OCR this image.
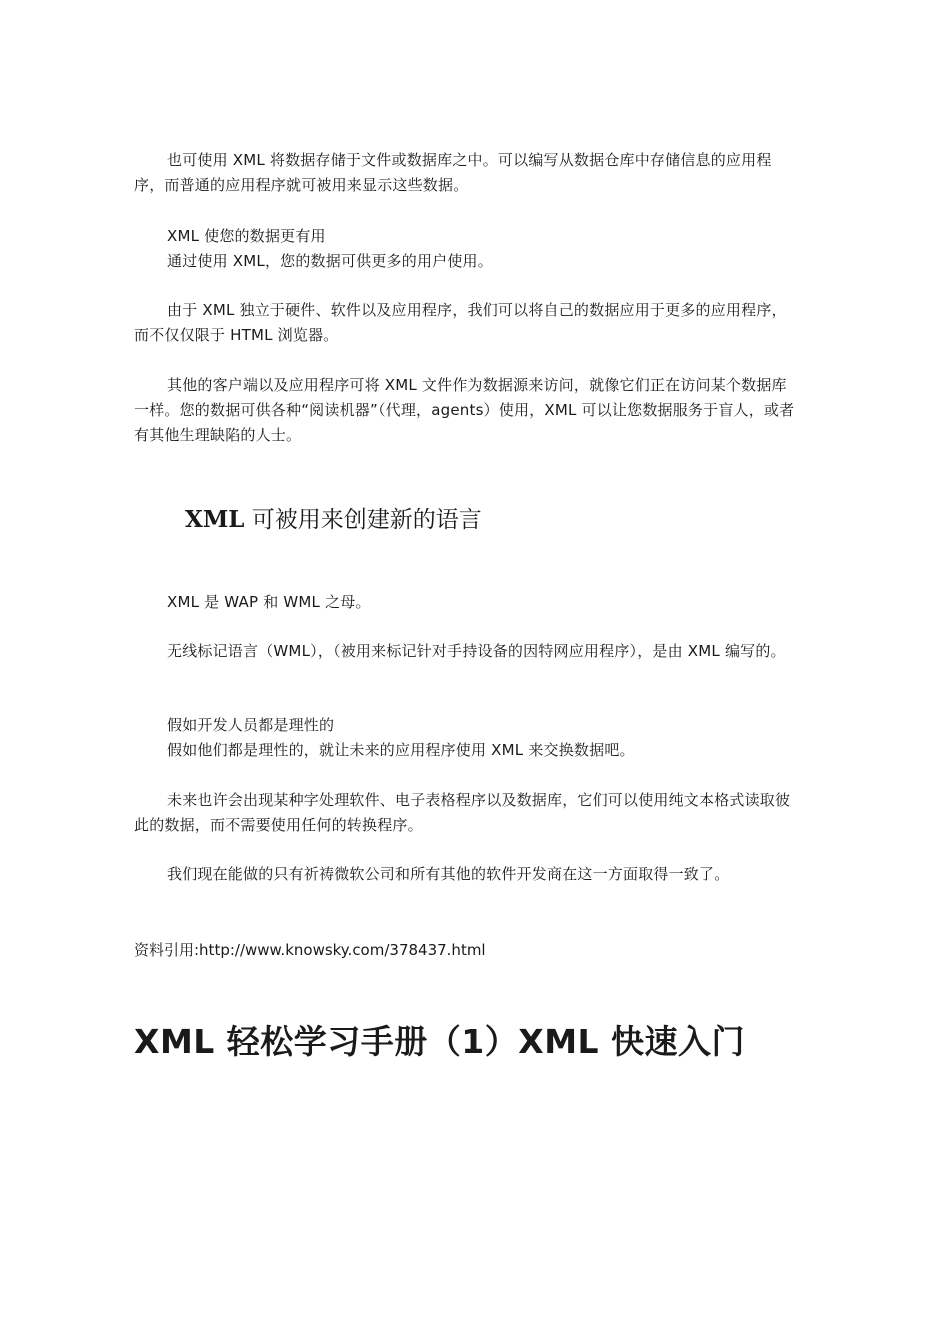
也可使用 XML 将数据存储于文件或数据库之中。可以编写从数据仓库中存储信息的应用程序，而普通的应用程序就可被用来显示这些数据。

XML 使您的数据更有用
通过使用 XML，您的数据可供更多的用户使用。

由于 XML 独立于硬件、软件以及应用程序，我们可以将自己的数据应用于更多的应用程序，而不仅仅限于 HTML 浏览器。

其他的客户端以及应用程序可将 XML 文件作为数据源来访问，就像它们正在访问某个数据库一样。您的数据可供各种“阅读机器”（代理，agents）使用，XML 可以让您数据服务于盲人，或者有其他生理缺陷的人士。

XML 可被用来创建新的语言

XML 是 WAP 和 WML 之母。

无线标记语言（WML），（被用来标记针对手持设备的因特网应用程序），是由 XML 编写的。

假如开发人员都是理性的
假如他们都是理性的，就让未来的应用程序使用 XML 来交换数据吧。

未来也许会出现某种字处理软件、电子表格程序以及数据库，它们可以使用纯文本格式读取彼此的数据，而不需要使用任何的转换程序。

我们现在能做的只有祈祷微软公司和所有其他的软件开发商在这一方面取得一致了。

资料引用:http://www.knowsky.com/378437.html
XML 轻松学习手册（1）XML 快速入门
